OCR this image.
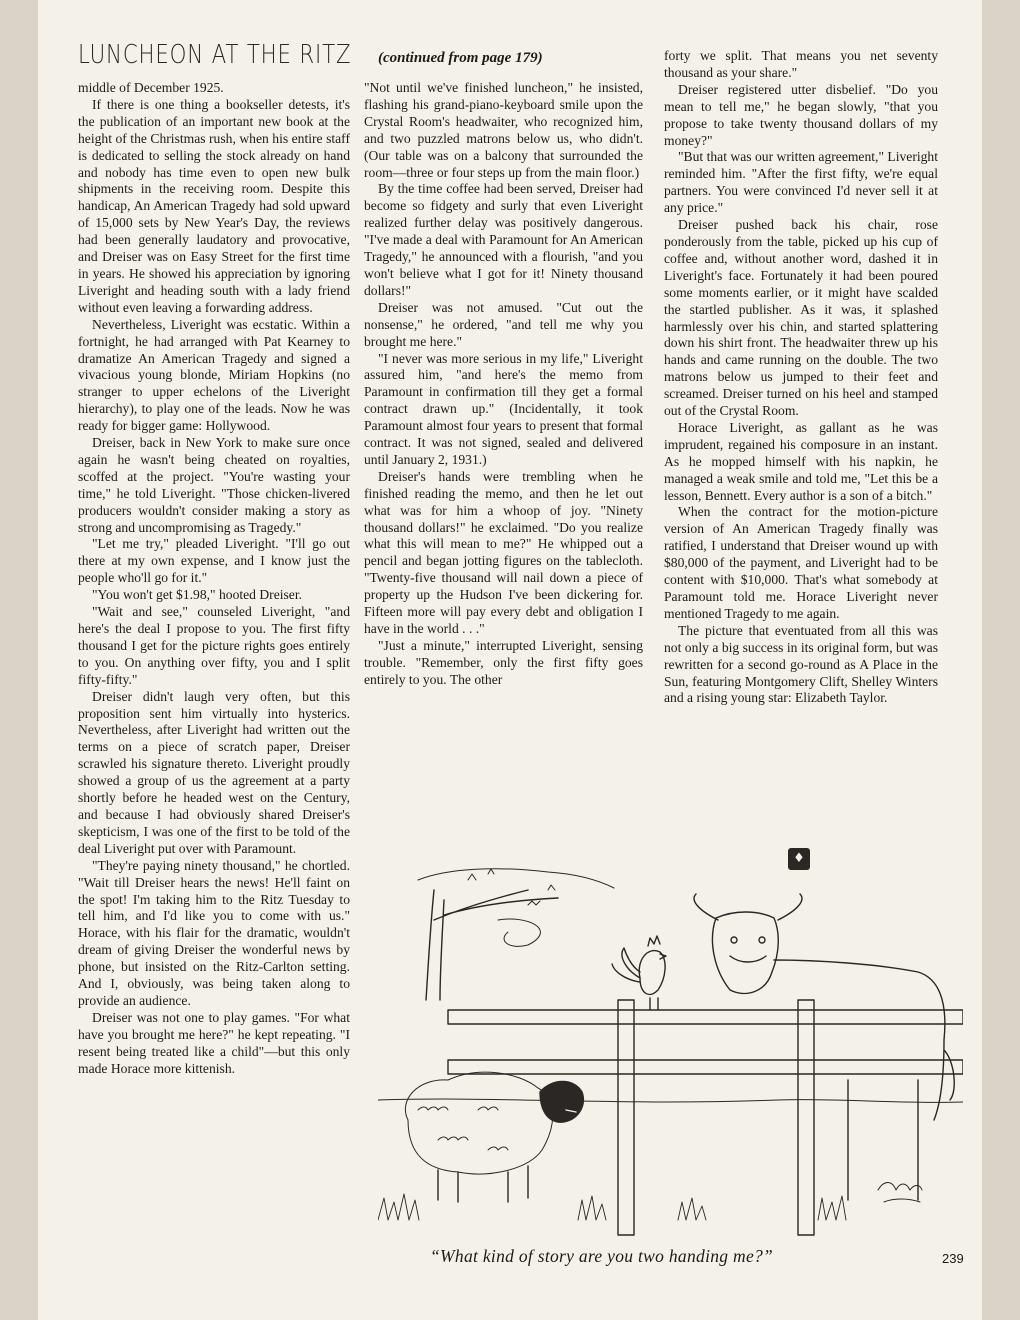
LUNCHEON AT THE RITZ (continued from page 179)

middle of December 1925.

If there is one thing a bookseller detests, it's the publication of an important new book at the height of the Christmas rush, when his entire staff is dedicated to selling the stock already on hand and nobody has time even to open new bulk shipments in the receiving room. Despite this handicap, An American Tragedy had sold upward of 15,000 sets by New Year's Day, the reviews had been generally laudatory and provocative, and Dreiser was on Easy Street for the first time in years. He showed his appreciation by ignoring Liveright and heading south with a lady friend without even leaving a forwarding address.

Nevertheless, Liveright was ecstatic. Within a fortnight, he had arranged with Pat Kearney to dramatize An American Tragedy and signed a vivacious young blonde, Miriam Hopkins (no stranger to upper echelons of the Liveright hierarchy), to play one of the leads. Now he was ready for bigger game: Hollywood.

Dreiser, back in New York to make sure once again he wasn't being cheated on royalties, scoffed at the project. "You're wasting your time," he told Liveright. "Those chicken-livered producers wouldn't consider making a story as strong and uncompromising as Tragedy."

"Let me try," pleaded Liveright. "I'll go out there at my own expense, and I know just the people who'll go for it."

"You won't get $1.98," hooted Dreiser.

"Wait and see," counseled Liveright, "and here's the deal I propose to you. The first fifty thousand I get for the picture rights goes entirely to you. On anything over fifty, you and I split fifty-fifty."

Dreiser didn't laugh very often, but this proposition sent him virtually into hysterics. Nevertheless, after Liveright had written out the terms on a piece of scratch paper, Dreiser scrawled his signature thereto. Liveright proudly showed a group of us the agreement at a party shortly before he headed west on the Century, and because I had obviously shared Dreiser's skepticism, I was one of the first to be told of the deal Liveright put over with Paramount.

"They're paying ninety thousand," he chortled. "Wait till Dreiser hears the news! He'll faint on the spot! I'm taking him to the Ritz Tuesday to tell him, and I'd like you to come with us." Horace, with his flair for the dramatic, wouldn't dream of giving Dreiser the wonderful news by phone, but insisted on the Ritz-Carlton setting. And I, obviously, was being taken along to provide an audience.

Dreiser was not one to play games. "For what have you brought me here?" he kept repeating. "I resent being treated like a child"—but this only made Horace more kittenish.

"Not until we've finished luncheon," he insisted, flashing his grand-piano-keyboard smile upon the Crystal Room's headwaiter, who recognized him, and two puzzled matrons below us, who didn't. (Our table was on a balcony that surrounded the room—three or four steps up from the main floor.)

By the time coffee had been served, Dreiser had become so fidgety and surly that even Liveright realized further delay was positively dangerous. "I've made a deal with Paramount for An American Tragedy," he announced with a flourish, "and you won't believe what I got for it! Ninety thousand dollars!"

Dreiser was not amused. "Cut out the nonsense," he ordered, "and tell me why you brought me here."

"I never was more serious in my life," Liveright assured him, "and here's the memo from Paramount in confirmation till they get a formal contract drawn up." (Incidentally, it took Paramount almost four years to present that formal contract. It was not signed, sealed and delivered until January 2, 1931.)

Dreiser's hands were trembling when he finished reading the memo, and then he let out what was for him a whoop of joy. "Ninety thousand dollars!" he exclaimed. "Do you realize what this will mean to me?" He whipped out a pencil and began jotting figures on the tablecloth. "Twenty-five thousand will nail down a piece of property up the Hudson I've been dickering for. Fifteen more will pay every debt and obligation I have in the world . . ."

"Just a minute," interrupted Liveright, sensing trouble. "Remember, only the first fifty goes entirely to you. The other

forty we split. That means you net seventy thousand as your share."

Dreiser registered utter disbelief. "Do you mean to tell me," he began slowly, "that you propose to take twenty thousand dollars of my money?"

"But that was our written agreement," Liveright reminded him. "After the first fifty, we're equal partners. You were convinced I'd never sell it at any price."

Dreiser pushed back his chair, rose ponderously from the table, picked up his cup of coffee and, without another word, dashed it in Liveright's face. Fortunately it had been poured some moments earlier, or it might have scalded the startled publisher. As it was, it splashed harmlessly over his chin, and started splattering down his shirt front. The headwaiter threw up his hands and came running on the double. The two matrons below us jumped to their feet and screamed. Dreiser turned on his heel and stamped out of the Crystal Room.

Horace Liveright, as gallant as he was imprudent, regained his composure in an instant. As he mopped himself with his napkin, he managed a weak smile and told me, "Let this be a lesson, Bennett. Every author is a son of a bitch."

When the contract for the motion-picture version of An American Tragedy finally was ratified, I understand that Dreiser wound up with $80,000 of the payment, and Liveright had to be content with $10,000. That's what somebody at Paramount told me. Horace Liveright never mentioned Tragedy to me again.

The picture that eventuated from all this was not only a big success in its original form, but was rewritten for a second go-round as A Place in the Sun, featuring Montgomery Clift, Shelley Winters and a rising young star: Elizabeth Taylor.

♦
“What kind of story are you two handing me?”	239
